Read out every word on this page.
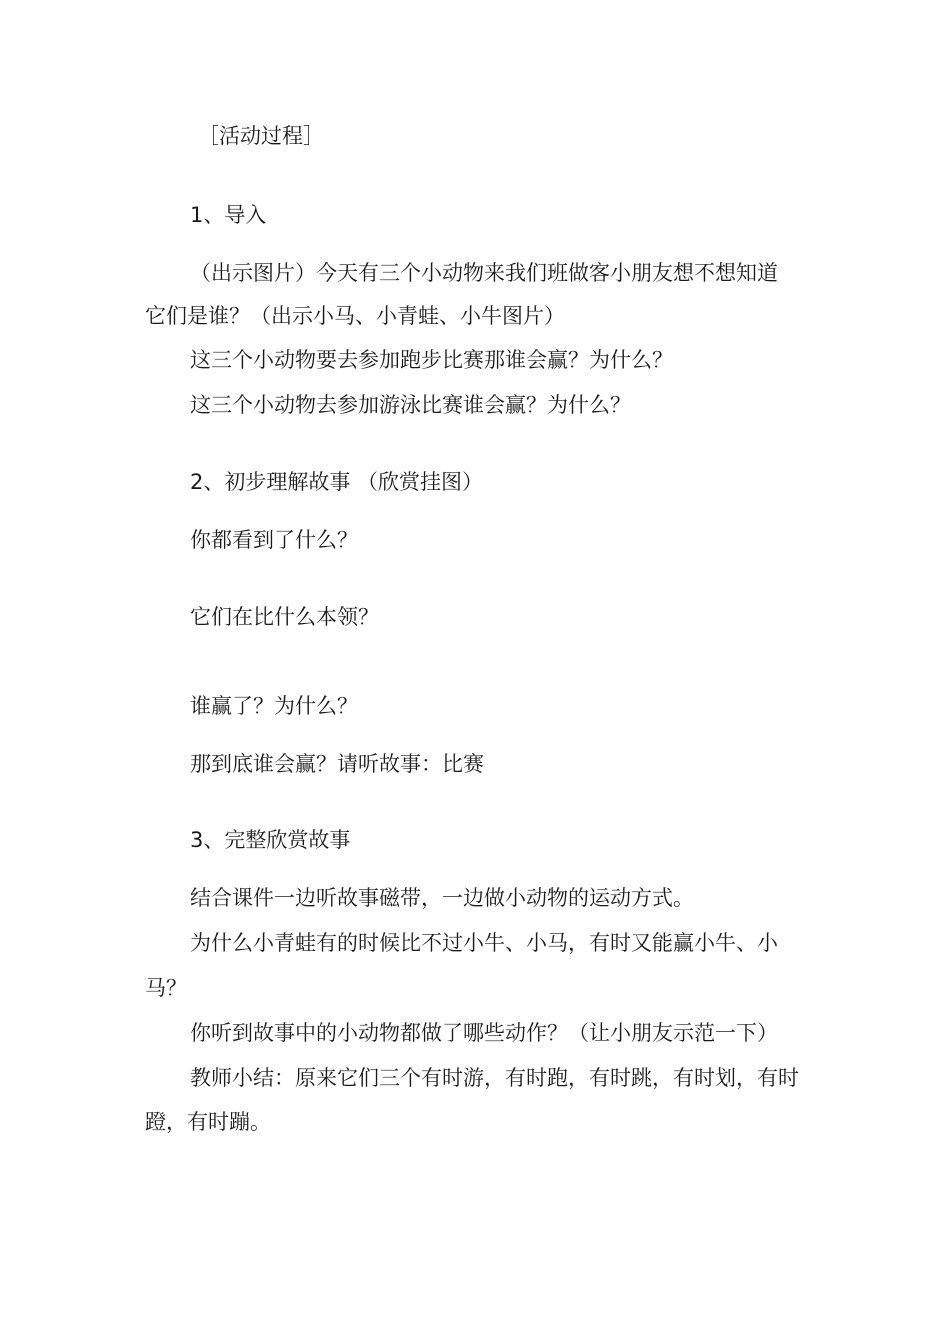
［活动过程］
1、导入
（出示图片）今天有三个小动物来我们班做客小朋友想不想知道
它们是谁？（出示小马、小青蛙、小牛图片）
这三个小动物要去参加跑步比赛那谁会赢？为什么？
这三个小动物去参加游泳比赛谁会赢？为什么？
2、初步理解故事 （欣赏挂图）
你都看到了什么？
它们在比什么本领？
谁赢了？为什么？
那到底谁会赢？请听故事：比赛
3、完整欣赏故事
结合课件一边听故事磁带，一边做小动物的运动方式。
为什么小青蛙有的时候比不过小牛、小马，有时又能赢小牛、小
马？
你听到故事中的小动物都做了哪些动作？（让小朋友示范一下）
教师小结：原来它们三个有时游，有时跑，有时跳，有时划，有时
蹬，有时蹦。
